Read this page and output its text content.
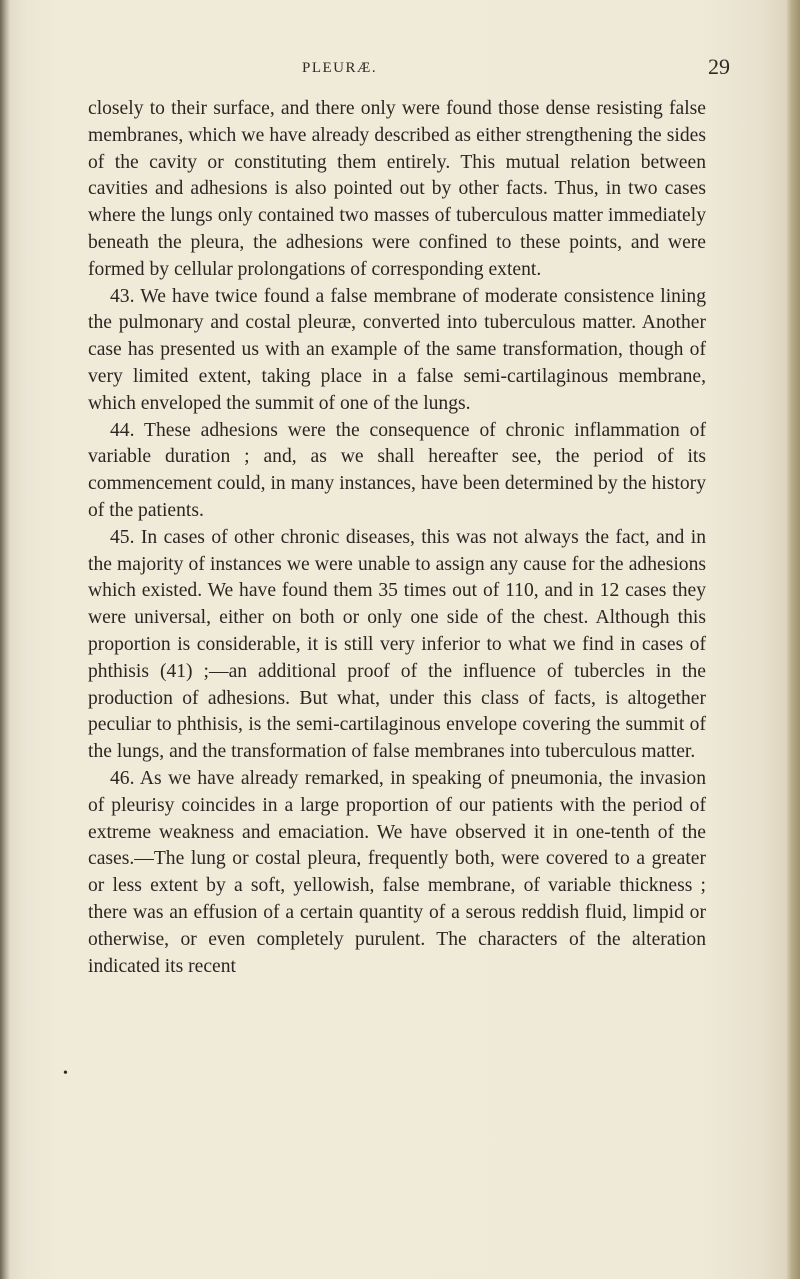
PLEURÆ.	29

closely to their surface, and there only were found those dense resisting false membranes, which we have already described as either strengthening the sides of the cavity or constituting them entirely. This mutual relation between cavities and adhesions is also pointed out by other facts. Thus, in two cases where the lungs only contained two masses of tuberculous matter immediately beneath the pleura, the adhesions were confined to these points, and were formed by cellular prolongations of corresponding extent.

43. We have twice found a false membrane of moderate consistence lining the pulmonary and costal pleuræ, converted into tuberculous matter. Another case has presented us with an example of the same transformation, though of very limited extent, taking place in a false semi-cartilaginous membrane, which enveloped the summit of one of the lungs.

44. These adhesions were the consequence of chronic inflammation of variable duration ; and, as we shall hereafter see, the period of its commencement could, in many instances, have been determined by the history of the patients.

45. In cases of other chronic diseases, this was not always the fact, and in the majority of instances we were unable to assign any cause for the adhesions which existed. We have found them 35 times out of 110, and in 12 cases they were universal, either on both or only one side of the chest. Although this proportion is considerable, it is still very inferior to what we find in cases of phthisis (41) ;—an additional proof of the influence of tubercles in the production of adhesions. But what, under this class of facts, is altogether peculiar to phthisis, is the semi-cartilaginous envelope covering the summit of the lungs, and the transformation of false membranes into tuberculous matter.

46. As we have already remarked, in speaking of pneumonia, the invasion of pleurisy coincides in a large proportion of our patients with the period of extreme weakness and emaciation. We have observed it in one-tenth of the cases.—The lung or costal pleura, frequently both, were covered to a greater or less extent by a soft, yellowish, false membrane, of variable thickness ; there was an effusion of a certain quantity of a serous reddish fluid, limpid or otherwise, or even completely purulent. The characters of the alteration indicated its recent

•
